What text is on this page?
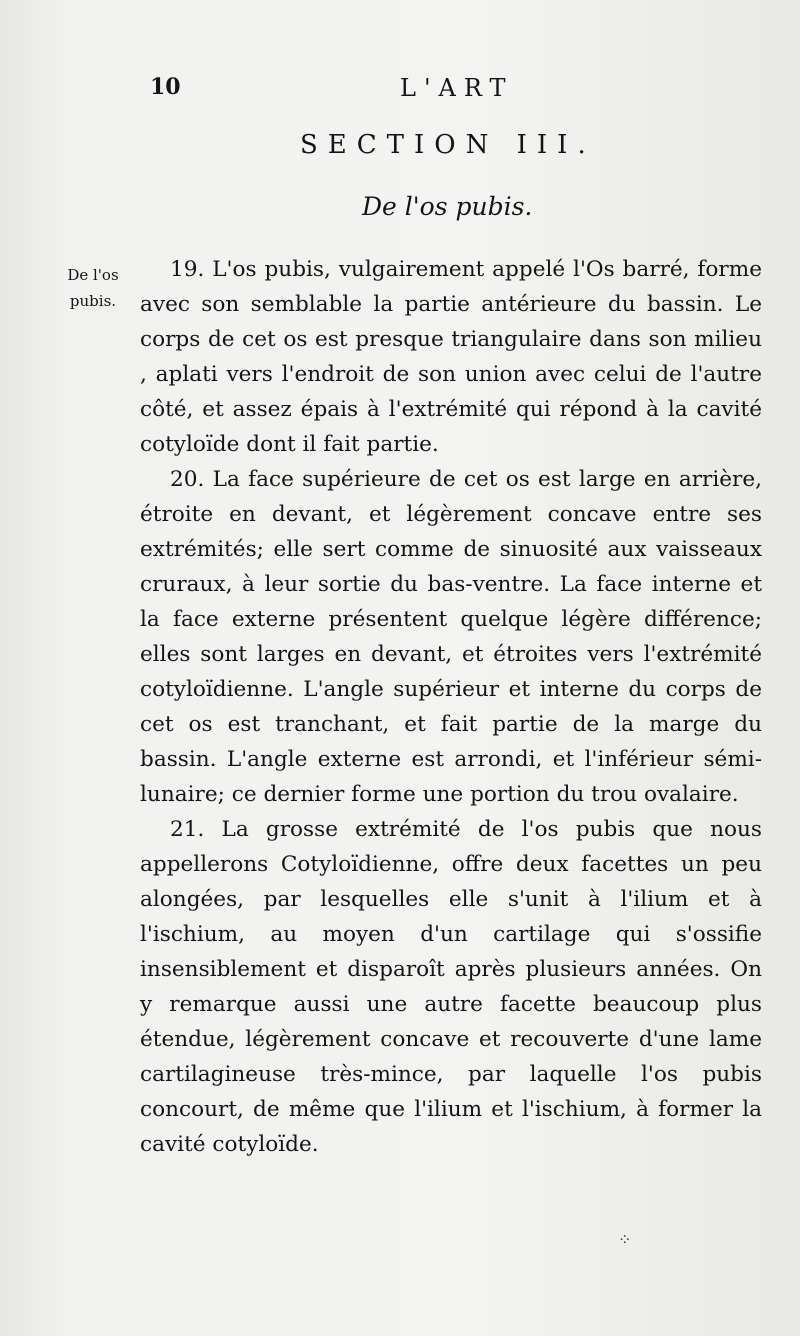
10	L'ART
SECTION III.
De l'os pubis.
De l'os pubis.

19. L'os pubis, vulgairement appelé l'Os barré, forme avec son semblable la partie antérieure du bassin. Le corps de cet os est presque triangulaire dans son milieu , aplati vers l'endroit de son union avec celui de l'autre côté, et assez épais à l'extrémité qui répond à la cavité cotyloïde dont il fait partie.

20. La face supérieure de cet os est large en arrière, étroite en devant, et légèrement concave entre ses extrémités; elle sert comme de sinuosité aux vaisseaux cruraux, à leur sortie du bas-ventre. La face interne et la face externe présentent quelque légère différence; elles sont larges en devant, et étroites vers l'extrémité cotyloïdienne. L'angle supérieur et interne du corps de cet os est tranchant, et fait partie de la marge du bassin. L'angle externe est arrondi, et l'inférieur sémi-lunaire; ce dernier forme une portion du trou ovalaire.

21. La grosse extrémité de l'os pubis que nous appellerons Cotyloïdienne, offre deux facettes un peu alongées, par lesquelles elle s'unit à l'ilium et à l'ischium, au moyen d'un cartilage qui s'ossifie insensiblement et disparoît après plusieurs années. On y remarque aussi une autre facette beaucoup plus étendue, légèrement concave et recouverte d'une lame cartilagineuse très-mince, par laquelle l'os pubis concourt, de même que l'ilium et l'ischium, à former la cavité cotyloïde.

⁘
